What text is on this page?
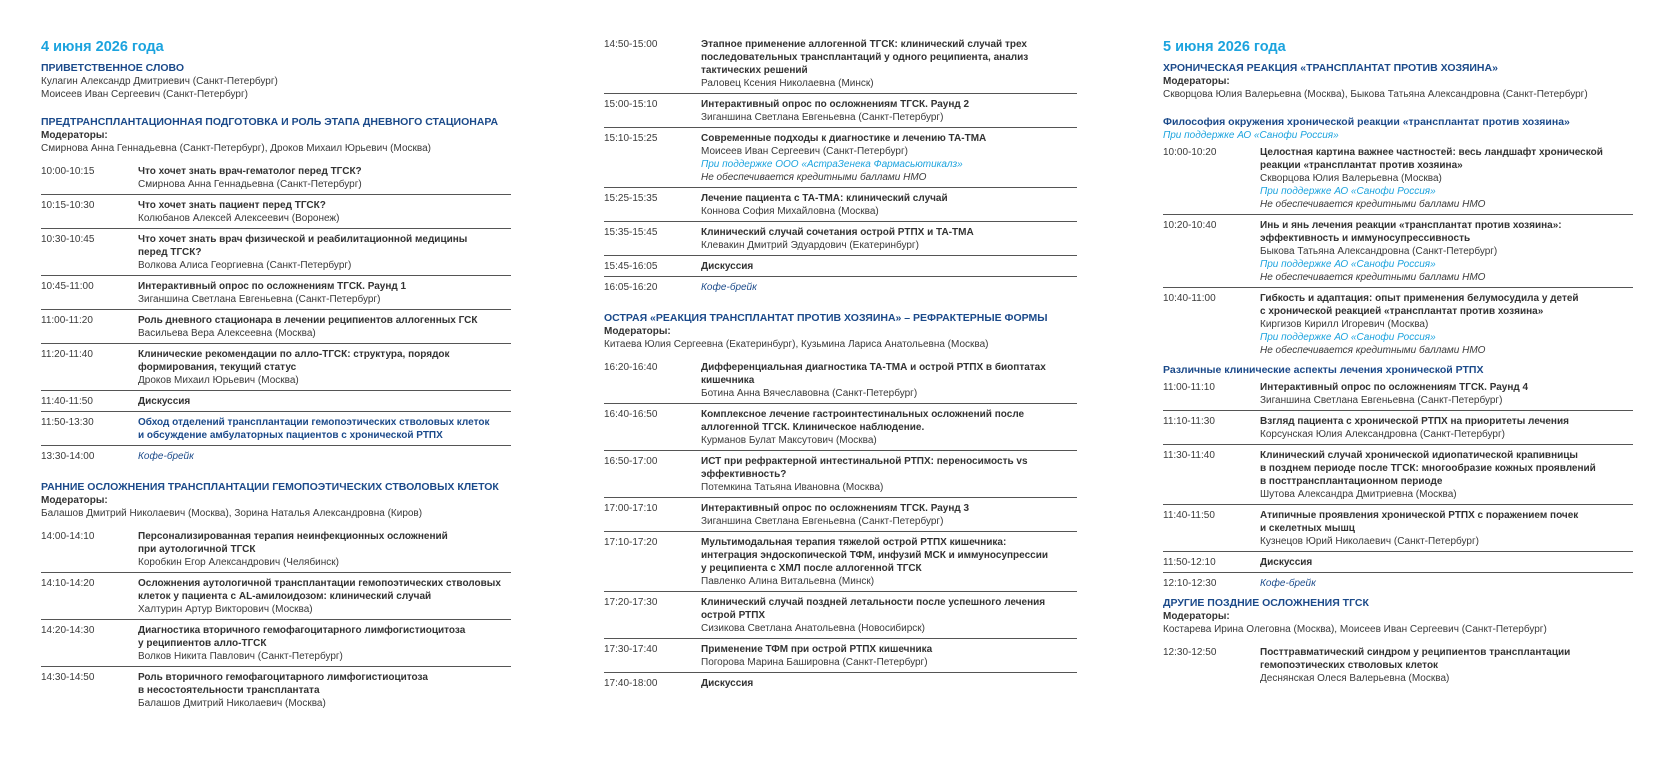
4 июня 2026 года
ПРИВЕТСТВЕННОЕ СЛОВО
Кулагин Александр Дмитриевич (Санкт-Петербург)
Моисеев Иван Сергеевич (Санкт-Петербург)
ПРЕДТРАНСПЛАНТАЦИОННАЯ ПОДГОТОВКА И РОЛЬ ЭТАПА ДНЕВНОГО СТАЦИОНАРА
Модераторы:
Смирнова Анна Геннадьевна (Санкт-Петербург), Дроков Михаил Юрьевич (Москва)
10:00-10:15	Что хочет знать врач-гематолог перед ТГСК?
Смирнова Анна Геннадьевна (Санкт-Петербург)
10:15-10:30	Что хочет знать пациент перед ТГСК?
Колюбанов Алексей Алексеевич (Воронеж)
10:30-10:45	Что хочет знать врач физической и реабилитационной медицины
перед ТГСК?
Волкова Алиса Георгиевна (Санкт-Петербург)
10:45-11:00	Интерактивный опрос по осложнениям ТГСК. Раунд 1
Зиганшина Светлана Евгеньевна (Санкт-Петербург)
11:00-11:20	Роль дневного стационара в лечении реципиентов аллогенных ГСК
Васильева Вера Алексеевна (Москва)
11:20-11:40	Клинические рекомендации по алло-ТГСК: структура, порядок
формирования, текущий статус
Дроков Михаил Юрьевич (Москва)
11:40-11:50	Дискуссия
11:50-13:30	Обход отделений трансплантации гемопоэтических стволовых клеток
и обсуждение амбулаторных пациентов с хронической РТПХ
13:30-14:00	Кофе-брейк
РАННИЕ ОСЛОЖНЕНИЯ ТРАНСПЛАНТАЦИИ ГЕМОПОЭТИЧЕСКИХ СТВОЛОВЫХ КЛЕТОК
Модераторы:
Балашов Дмитрий Николаевич (Москва), Зорина Наталья Александровна (Киров)
14:00-14:10	Персонализированная терапия неинфекционных осложнений
при аутологичной ТГСК
Коробкин Егор Александрович (Челябинск)
14:10-14:20	Осложнения аутологичной трансплантации гемопоэтических стволовых
клеток у пациента с AL-амилоидозом: клинический случай
Халтурин Артур Викторович (Москва)
14:20-14:30	Диагностика вторичного гемофагоцитарного лимфогистиоцитоза
у реципиентов алло-ТГСК
Волков Никита Павлович (Санкт-Петербург)
14:30-14:50	Роль вторичного гемофагоцитарного лимфогистиоцитоза
в несостоятельности трансплантата
Балашов Дмитрий Николаевич (Москва)
14:50-15:00	Этапное применение аллогенной ТГСК: клинический случай трех
последовательных трансплантаций у одного реципиента, анализ
тактических решений
Раловец Ксения Николаевна (Минск)
15:00-15:10	Интерактивный опрос по осложнениям ТГСК. Раунд 2
Зиганшина Светлана Евгеньевна (Санкт-Петербург)
15:10-15:25	Современные подходы к диагностике и лечению ТА-ТМА
Моисеев Иван Сергеевич (Санкт-Петербург)
При поддержке ООО «АстраЗенека Фармасьютикалз»
Не обеспечивается кредитными баллами НМО
15:25-15:35	Лечение пациента с ТА-ТМА: клинический случай
Коннова София Михайловна (Москва)
15:35-15:45	Клинический случай сочетания острой РТПХ и ТА-ТМА
Клевакин Дмитрий Эдуардович (Екатеринбург)
15:45-16:05	Дискуссия
16:05-16:20	Кофе-брейк
ОСТРАЯ «РЕАКЦИЯ ТРАНСПЛАНТАТ ПРОТИВ ХОЗЯИНА» – РЕФРАКТЕРНЫЕ ФОРМЫ
Модераторы:
Китаева Юлия Сергеевна (Екатеринбург), Кузьмина Лариса Анатольевна (Москва)
16:20-16:40	Дифференциальная диагностика ТА-ТМА и острой РТПХ в биоптатах
кишечника
Ботина Анна Вячеславовна (Санкт-Петербург)
16:40-16:50	Комплексное лечение гастроинтестинальных осложнений после
аллогенной ТГСК. Клиническое наблюдение.
Курманов Булат Максутович (Москва)
16:50-17:00	ИСТ при рефрактерной интестинальной РТПХ: переносимость vs
эффективность?
Потемкина Татьяна Ивановна (Москва)
17:00-17:10	Интерактивный опрос по осложнениям ТГСК. Раунд 3
Зиганшина Светлана Евгеньевна (Санкт-Петербург)
17:10-17:20	Мультимодальная терапия тяжелой острой РТПХ кишечника:
интеграция эндоскопической ТФМ, инфузий МСК и иммуносупрессии
у реципиента с ХМЛ после аллогенной ТГСК
Павленко Алина Витальевна (Минск)
17:20-17:30	Клинический случай поздней летальности после успешного лечения
острой РТПХ
Сизикова Светлана Анатольевна (Новосибирск)
17:30-17:40	Применение ТФМ при острой РТПХ кишечника
Погорова Марина Башировна (Санкт-Петербург)
17:40-18:00	Дискуссия
5 июня 2026 года
ХРОНИЧЕСКАЯ РЕАКЦИЯ «ТРАНСПЛАНТАТ ПРОТИВ ХОЗЯИНА»
Модераторы:
Скворцова Юлия Валерьевна (Москва), Быкова Татьяна Александровна (Санкт-Петербург)
Философия окружения хронической реакции «трансплантат против хозяина»
При поддержке АО «Санофи Россия»
10:00-10:20	Целостная картина важнее частностей: весь ландшафт хронической
реакции «трансплантат против хозяина»
Скворцова Юлия Валерьевна (Москва)
При поддержке АО «Санофи Россия»
Не обеспечивается кредитными баллами НМО
10:20-10:40	Инь и янь лечения реакции «трансплантат против хозяина»:
эффективность и иммуносупрессивность
Быкова Татьяна Александровна (Санкт-Петербург)
При поддержке АО «Санофи Россия»
Не обеспечивается кредитными баллами НМО
10:40-11:00	Гибкость и адаптация: опыт применения белумосудила у детей
с хронической реакцией «трансплантат против хозяина»
Киргизов Кирилл Игоревич (Москва)
При поддержке АО «Санофи Россия»
Не обеспечивается кредитными баллами НМО
Различные клинические аспекты лечения хронической РТПХ
11:00-11:10	Интерактивный опрос по осложнениям ТГСК. Раунд 4
Зиганшина Светлана Евгеньевна (Санкт-Петербург)
11:10-11:30	Взгляд пациента с хронической РТПХ на приоритеты лечения
Корсунская Юлия Александровна (Санкт-Петербург)
11:30-11:40	Клинический случай хронической идиопатической крапивницы
в позднем периоде после ТГСК: многообразие кожных проявлений
в посттрансплантационном периоде
Шутова Александра Дмитриевна (Москва)
11:40-11:50	Атипичные проявления хронической РТПХ с поражением почек
и скелетных мышц
Кузнецов Юрий Николаевич (Санкт-Петербург)
11:50-12:10	Дискуссия
12:10-12:30	Кофе-брейк
ДРУГИЕ ПОЗДНИЕ ОСЛОЖНЕНИЯ ТГСК
Модераторы:
Костарева Ирина Олеговна (Москва), Моисеев Иван Сергеевич (Санкт-Петербург)
12:30-12:50	Посттравматический синдром у реципиентов трансплантации
гемопоэтических стволовых клеток
Деснянская Олеся Валерьевна (Москва)
